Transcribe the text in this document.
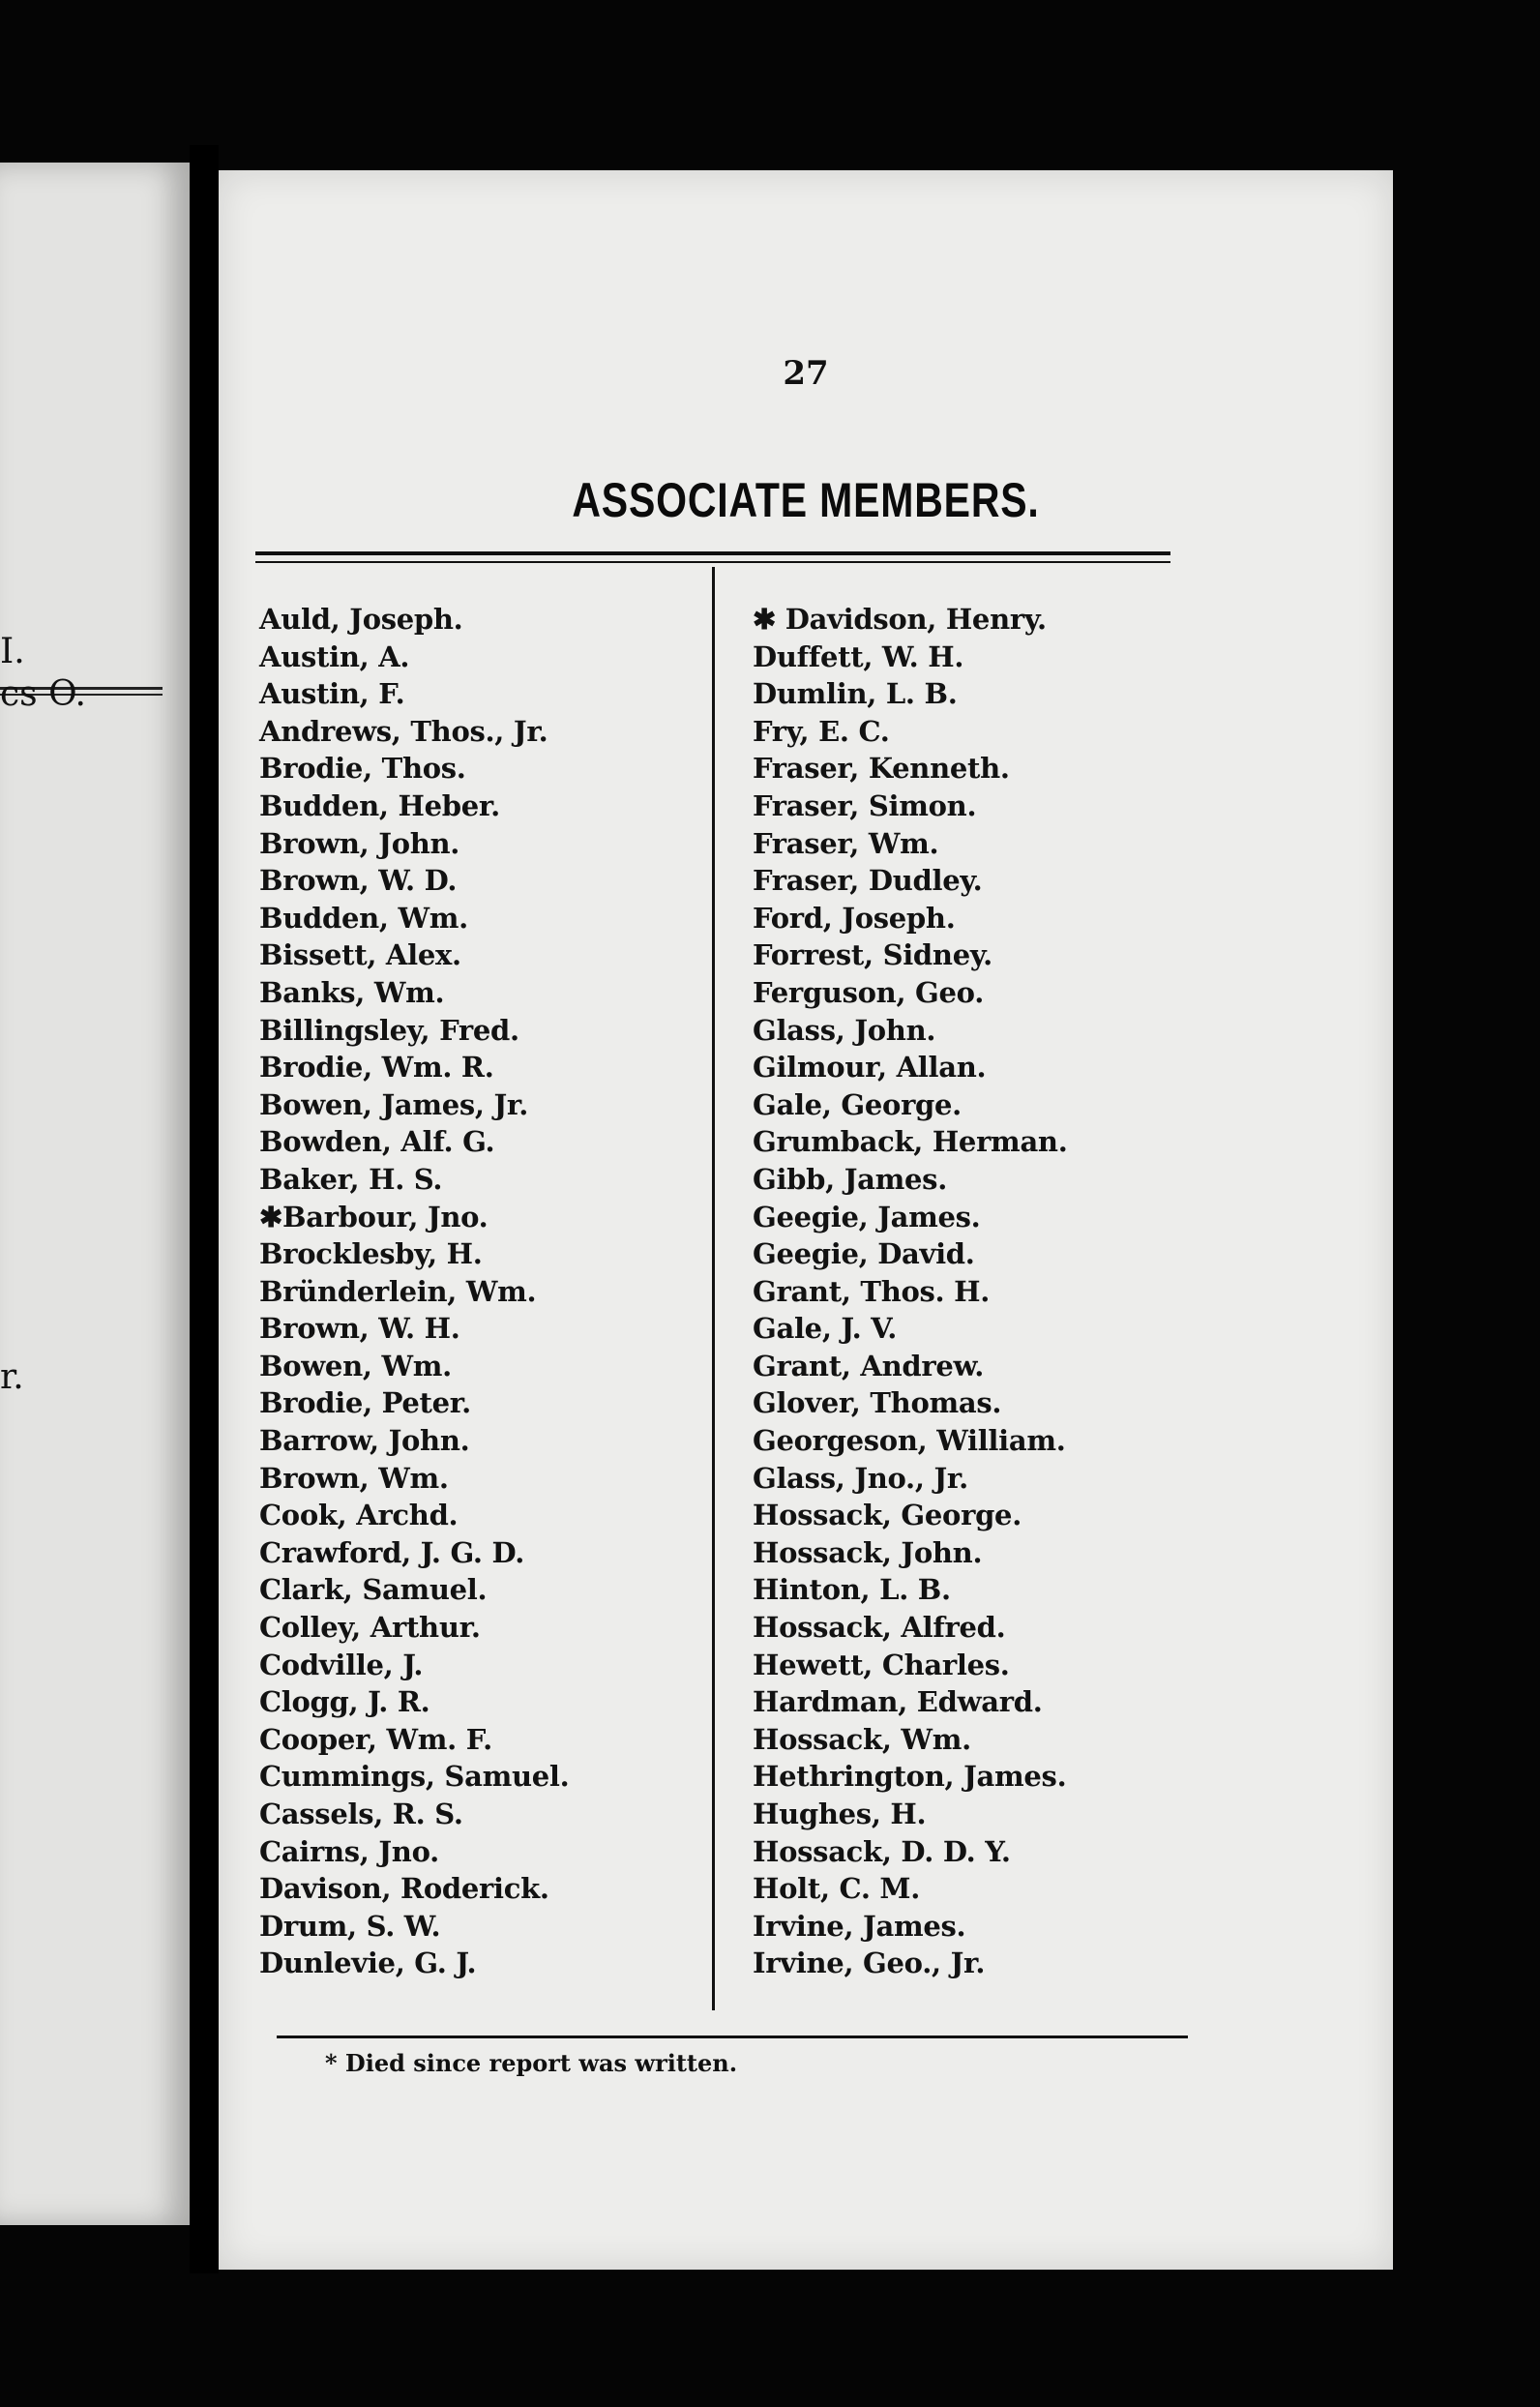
I.
cs O.
r.
27
ASSOCIATE MEMBERS.
Auld, Joseph.
Austin, A.
Austin, F.
Andrews, Thos., Jr.
Brodie, Thos.
Budden, Heber.
Brown, John.
Brown, W. D.
Budden, Wm.
Bissett, Alex.
Banks, Wm.
Billingsley, Fred.
Brodie, Wm. R.
Bowen, James, Jr.
Bowden, Alf. G.
Baker, H. S.
✱Barbour, Jno.
Brocklesby, H.
Bründerlein, Wm.
Brown, W. H.
Bowen, Wm.
Brodie, Peter.
Barrow, John.
Brown, Wm.
Cook, Archd.
Crawford, J. G. D.
Clark, Samuel.
Colley, Arthur.
Codville, J.
Clogg, J. R.
Cooper, Wm. F.
Cummings, Samuel.
Cassels, R. S.
Cairns, Jno.
Davison, Roderick.
Drum, S. W.
Dunlevie, G. J.
✱ Davidson, Henry.
Duffett, W. H.
Dumlin, L. B.
Fry, E. C.
Fraser, Kenneth.
Fraser, Simon.
Fraser, Wm.
Fraser, Dudley.
Ford, Joseph.
Forrest, Sidney.
Ferguson, Geo.
Glass, John.
Gilmour, Allan.
Gale, George.
Grumback, Herman.
Gibb, James.
Geegie, James.
Geegie, David.
Grant, Thos. H.
Gale, J. V.
Grant, Andrew.
Glover, Thomas.
Georgeson, William.
Glass, Jno., Jr.
Hossack, George.
Hossack, John.
Hinton, L. B.
Hossack, Alfred.
Hewett, Charles.
Hardman, Edward.
Hossack, Wm.
Hethrington, James.
Hughes, H.
Hossack, D. D. Y.
Holt, C. M.
Irvine, James.
Irvine, Geo., Jr.
* Died since report was written.
